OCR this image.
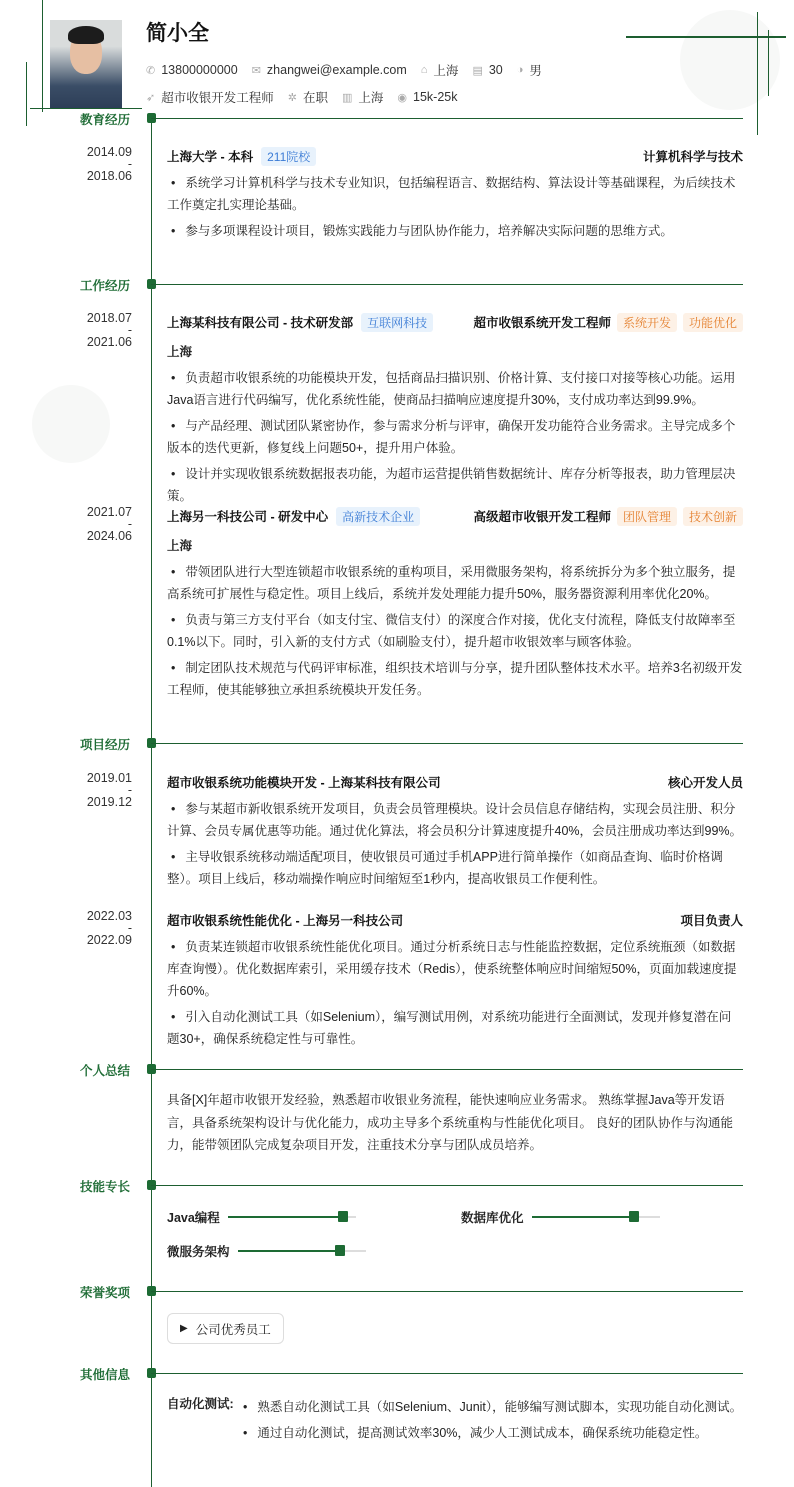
简小全
✆ 13800000000 ✉ zhangwei@example.com ⌂ 上海 ▤ 30 ◑ 男
➶ 超市收银开发工程师 ✲ 在职 ▥ 上海 ◉ 15k-25k
教育经历
2014.09
-
2018.06
上海大学 - 本科	211院校	计算机科学与技术
• 系统学习计算机科学与技术专业知识，包括编程语言、数据结构、算法设计等基础课程，为后续技术工作奠定扎实理论基础。
• 参与多项课程设计项目，锻炼实践能力与团队协作能力，培养解决实际问题的思维方式。
工作经历
2018.07
-
2021.06
上海某科技有限公司 - 技术研发部	互联网科技	超市收银系统开发工程师	系统开发	功能优化
上海
• 负责超市收银系统的功能模块开发，包括商品扫描识别、价格计算、支付接口对接等核心功能。运用Java语言进行代码编写，优化系统性能，使商品扫描响应速度提升30%，支付成功率达到99.9%。
• 与产品经理、测试团队紧密协作，参与需求分析与评审，确保开发功能符合业务需求。主导完成多个版本的迭代更新，修复线上问题50+，提升用户体验。
• 设计并实现收银系统数据报表功能，为超市运营提供销售数据统计、库存分析等报表，助力管理层决策。
2021.07
-
2024.06
上海另一科技公司 - 研发中心	高新技术企业	高级超市收银开发工程师	团队管理	技术创新
上海
• 带领团队进行大型连锁超市收银系统的重构项目，采用微服务架构，将系统拆分为多个独立服务，提高系统可扩展性与稳定性。项目上线后，系统并发处理能力提升50%，服务器资源利用率优化20%。
• 负责与第三方支付平台（如支付宝、微信支付）的深度合作对接，优化支付流程，降低支付故障率至0.1%以下。同时，引入新的支付方式（如刷脸支付），提升超市收银效率与顾客体验。
• 制定团队技术规范与代码评审标准，组织技术培训与分享，提升团队整体技术水平。培养3名初级开发工程师，使其能够独立承担系统模块开发任务。
项目经历
2019.01
-
2019.12
超市收银系统功能模块开发 - 上海某科技有限公司	核心开发人员
• 参与某超市新收银系统开发项目，负责会员管理模块。设计会员信息存储结构，实现会员注册、积分计算、会员专属优惠等功能。通过优化算法，将会员积分计算速度提升40%，会员注册成功率达到99%。
• 主导收银系统移动端适配项目，使收银员可通过手机APP进行简单操作（如商品查询、临时价格调整）。项目上线后，移动端操作响应时间缩短至1秒内，提高收银员工作便利性。
2022.03
-
2022.09
超市收银系统性能优化 - 上海另一科技公司	项目负责人
• 负责某连锁超市收银系统性能优化项目。通过分析系统日志与性能监控数据，定位系统瓶颈（如数据库查询慢）。优化数据库索引，采用缓存技术（Redis），使系统整体响应时间缩短50%，页面加载速度提升60%。
• 引入自动化测试工具（如Selenium），编写测试用例，对系统功能进行全面测试，发现并修复潜在问题30+，确保系统稳定性与可靠性。
个人总结
具备[X]年超市收银开发经验，熟悉超市收银业务流程，能快速响应业务需求。 熟练掌握Java等开发语言，具备系统架构设计与优化能力，成功主导多个系统重构与性能优化项目。 良好的团队协作与沟通能力，能带领团队完成复杂项目开发，注重技术分享与团队成员培养。
技能专长
Java编程	数据库优化
微服务架构
荣誉奖项
▶ 公司优秀员工
其他信息
自动化测试:	• 熟悉自动化测试工具（如Selenium、Junit），能够编写测试脚本，实现功能自动化测试。
• 通过自动化测试，提高测试效率30%，减少人工测试成本，确保系统功能稳定性。
